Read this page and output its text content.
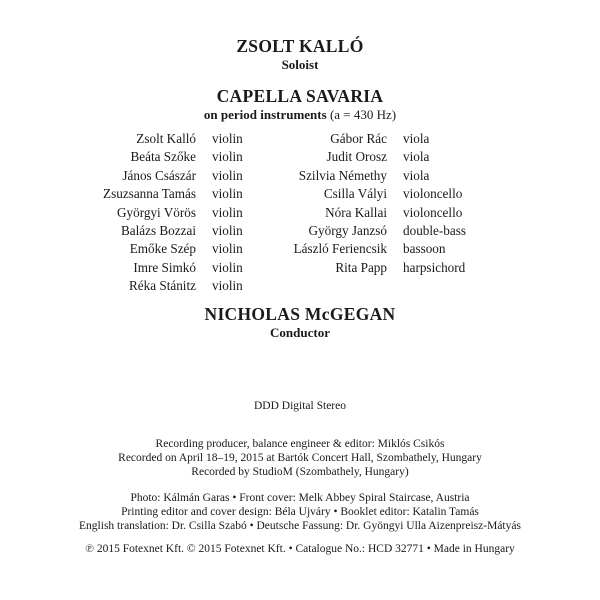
ZSOLT KALLÓ
Soloist
CAPELLA SAVARIA
on period instruments (a = 430 Hz)
Zsolt Kalló
Beáta Szőke
János Császár
Zsuzsanna Tamás
Györgyi Vörös
Balázs Bozzai
Emőke Szép
Imre Simkó
Réka Stánitz
violin
violin
violin
violin
violin
violin
violin
violin
violin
Gábor Rác
Judit Orosz
Szilvia Némethy
Csilla Vályi
Nóra Kallai
György Janzsó
László Feriencsik
Rita Papp
viola
viola
viola
violoncello
violoncello
double-bass
bassoon
harpsichord
NICHOLAS McGEGAN
Conductor
DDD Digital Stereo
Recording producer, balance engineer & editor: Miklós Csikós
Recorded on April 18–19, 2015 at Bartók Concert Hall, Szombathely, Hungary
Recorded by StudioM (Szombathely, Hungary)
Photo: Kálmán Garas • Front cover: Melk Abbey Spiral Staircase, Austria
Printing editor and cover design: Béla Ujváry • Booklet editor: Katalin Tamás
English translation: Dr. Csilla Szabó • Deutsche Fassung: Dr. Gyöngyi Ulla Aizenpreisz-Mátyás
℗ 2015 Fotexnet Kft. © 2015 Fotexnet Kft. • Catalogue No.: HCD 32771 • Made in Hungary
